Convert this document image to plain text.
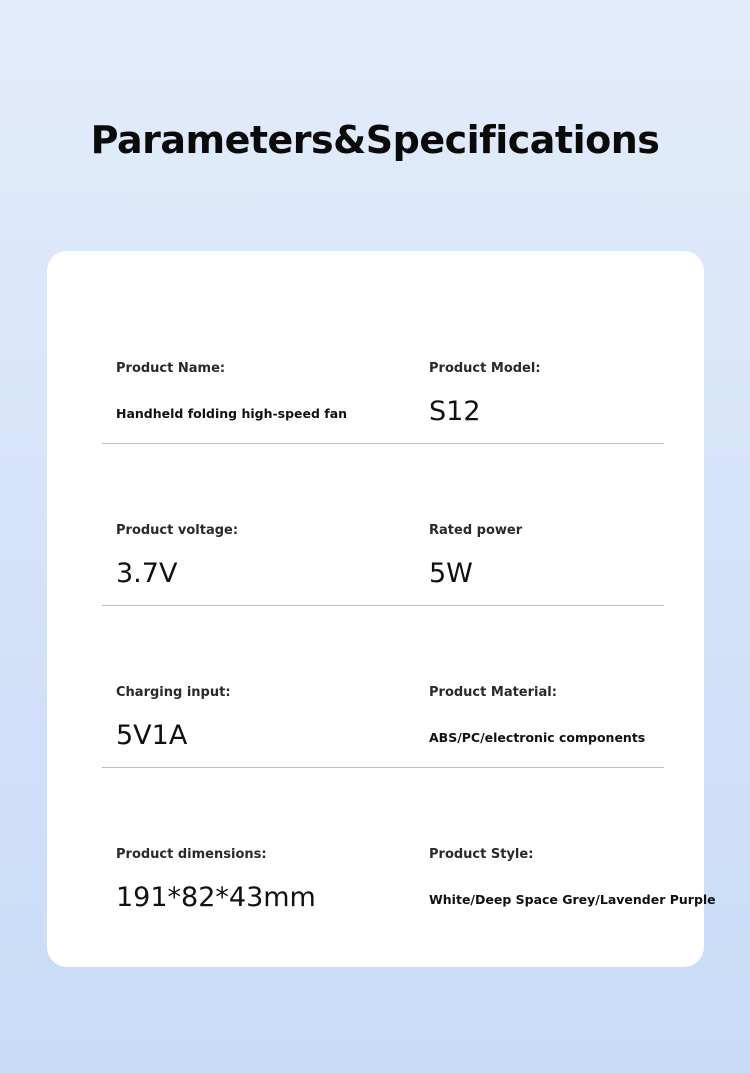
Parameters&Specifications
Product Name:
Handheld folding high-speed fan
Product Model:
S12
Product voltage:
3.7V
Rated power
5W
Charging input:
5V1A
Product Material:
ABS/PC/electronic components
Product dimensions:
191*82*43mm
Product Style:
White/Deep Space Grey/Lavender Purple
